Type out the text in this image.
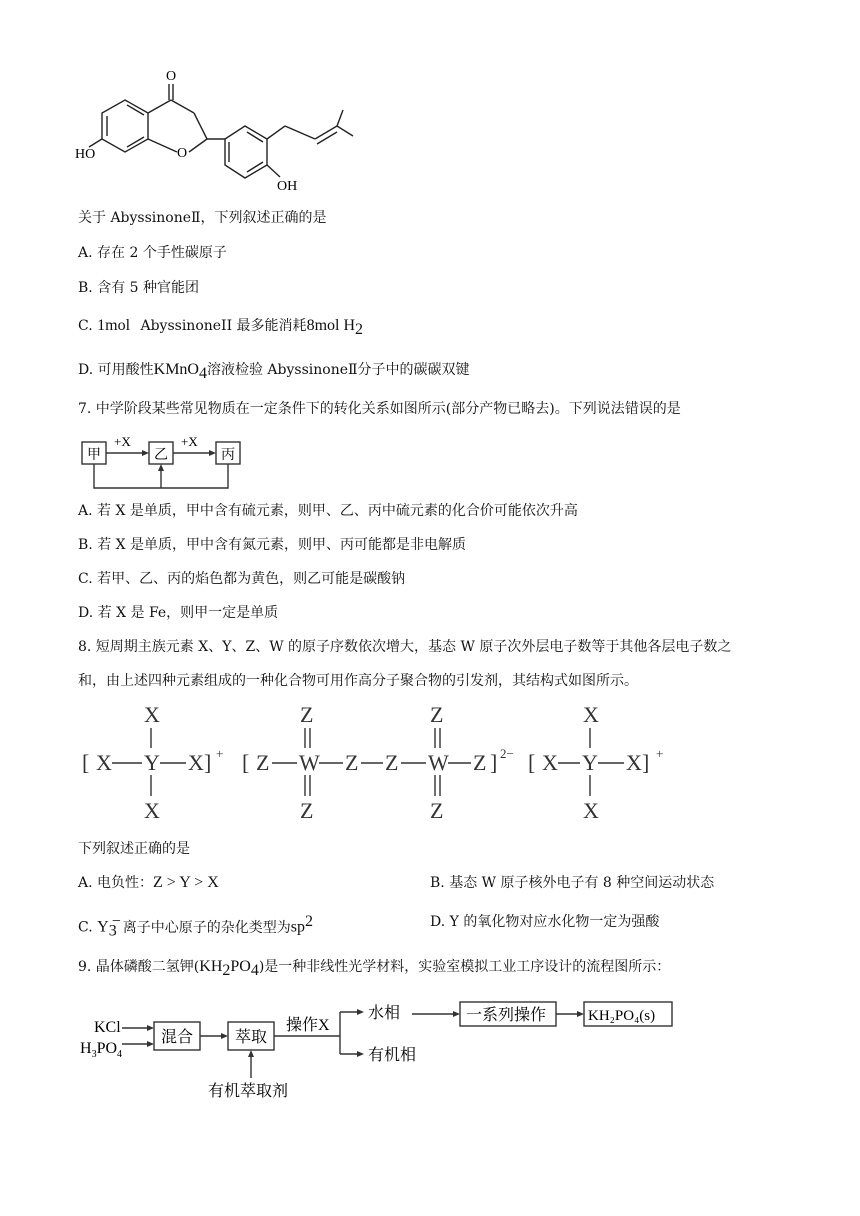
O
O
HO
OH
关于 AbyssinoneⅡ，下列叙述正确的是
A. 存在 2 个手性碳原子
B. 含有 5 种官能团
C. 1mol AbyssinoneII 最多能消耗8mol $H_2$
D. 可用酸性KMnO$_4$溶液检验 AbyssinoneⅡ分子中的碳碳双键
7. 中学阶段某些常见物质在一定条件下的转化关系如图所示(部分产物已略去)。下列说法错误的是
甲	乙	丙
+X	+X
A. 若 X 是单质，甲中含有硫元素，则甲、乙、丙中硫元素的化合价可能依次升高
B. 若 X 是单质，甲中含有氮元素，则甲、丙可能都是非电解质
C. 若甲、乙、丙的焰色都为黄色，则乙可能是碳酸钠
D. 若 X 是 Fe，则甲一定是单质
8. 短周期主族元素 X、Y、Z、W 的原子序数依次增大，基态 W 原子次外层电子数等于其他各层电子数之
和，由上述四种元素组成的一种化合物可用作高分子聚合物的引发剂，其结构式如图所示。
[ X Y X ]
X
X
+ [ Z W Z Z W Z ]
Z
Z
Z
Z
2− [ X Y X ]
X
X
+
下列叙述正确的是
A. 电负性：Z > Y > X	B. 基态 W 原子核外电子有 8 种空间运动状态
C. $Y_3^-$ 离子中心原子的杂化类型为$sp^2$	D. Y 的氧化物对应水化物一定为强酸
9. 晶体磷酸二氢钾$(KH_2PO_4)$是一种非线性光学材料，实验室模拟工业工序设计的流程图所示：
KCl
$H_3PO_4$
混合	萃取
操作X
水相
有机相
一系列操作	KH₂PO₄(s)
有机萃取剂
